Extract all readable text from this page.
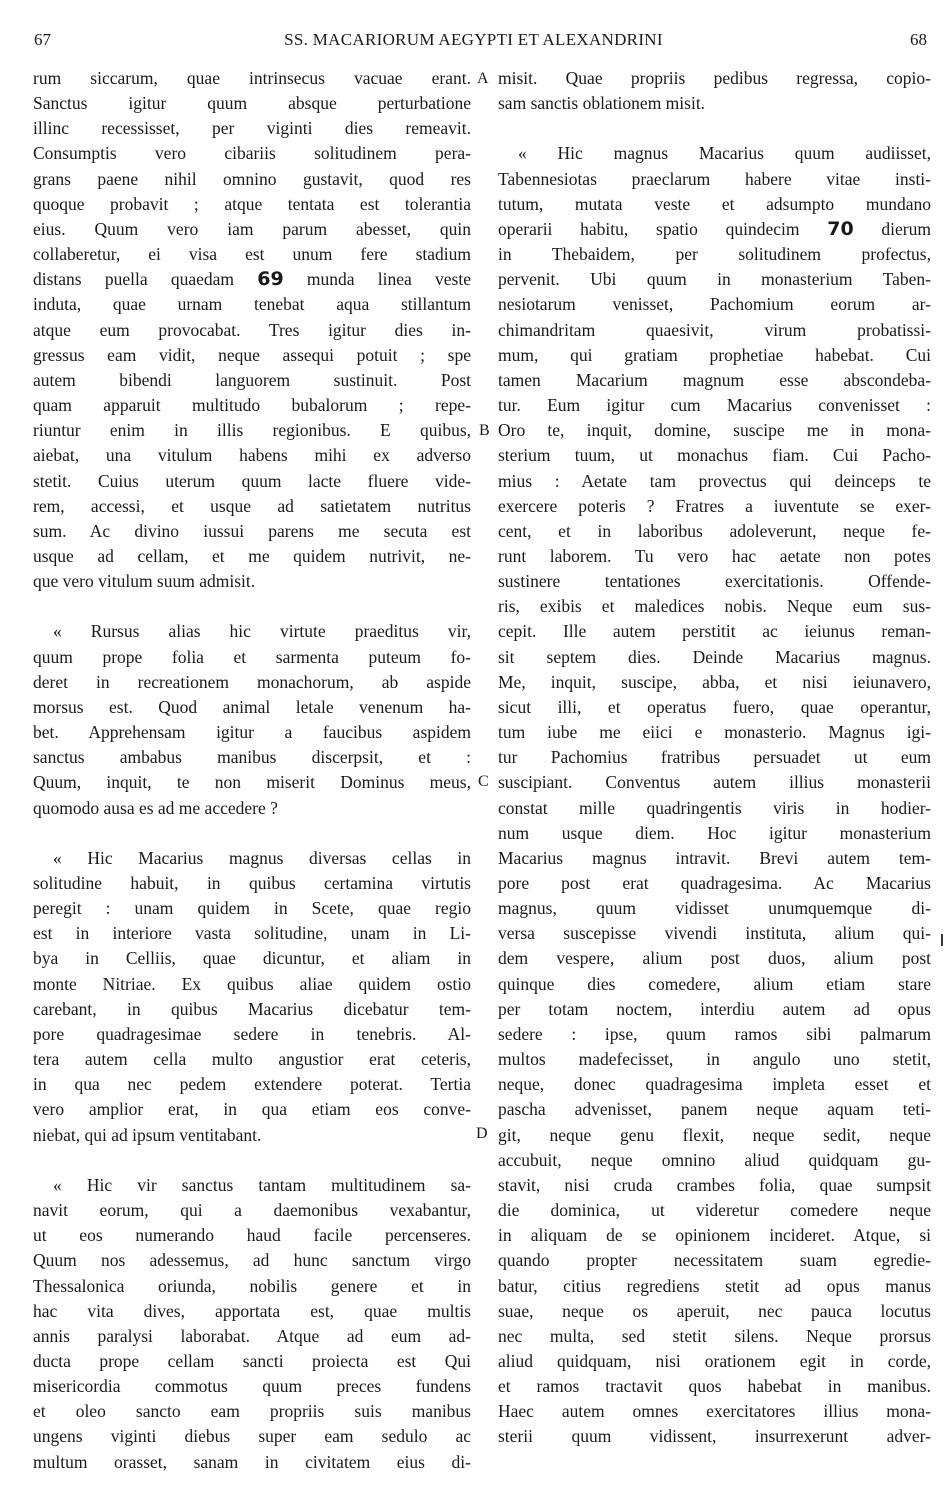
67	SS. MACARIORUM AEGYPTI ET ALEXANDRINI	68
rum siccarum, quae intrinsecus vacuae erant.
Sanctus igitur quum absque perturbatione
illinc recessisset, per viginti dies remeavit.
Consumptis vero cibariis solitudinem pera-
grans paene nihil omnino gustavit, quod res
quoque probavit ; atque tentata est tolerantia
eius. Quum vero iam parum abesset, quin
collaberetur, ei visa est unum fere stadium
distans puella quaedam 69 munda linea veste
induta, quae urnam tenebat aqua stillantum
atque eum provocabat. Tres igitur dies in-
gressus eam vidit, neque assequi potuit ; spe
autem bibendi languorem sustinuit. Post
quam apparuit multitudo bubalorum ; repe-
riuntur enim in illis regionibus. E quibus,
aiebat, una vitulum habens mihi ex adverso
stetit. Cuius uterum quum lacte fluere vide-
rem, accessi, et usque ad satietatem nutritus
sum. Ac divino iussui parens me secuta est
usque ad cellam, et me quidem nutrivit, ne-
que vero vitulum suum admisit.
« Rursus alias hic virtute praeditus vir,
quum prope folia et sarmenta puteum fo-
deret in recreationem monachorum, ab aspide
morsus est. Quod animal letale venenum ha-
bet. Apprehensam igitur a faucibus aspidem
sanctus ambabus manibus discerpsit, et :
Quum, inquit, te non miserit Dominus meus,
quomodo ausa es ad me accedere ?
« Hic Macarius magnus diversas cellas in
solitudine habuit, in quibus certamina virtutis
peregit : unam quidem in Scete, quae regio
est in interiore vasta solitudine, unam in Li-
bya in Celliis, quae dicuntur, et aliam in
monte Nitriae. Ex quibus aliae quidem ostio
carebant, in quibus Macarius dicebatur tem-
pore quadragesimae sedere in tenebris. Al-
tera autem cella multo angustior erat ceteris,
in qua nec pedem extendere poterat. Tertia
vero amplior erat, in qua etiam eos conve-
niebat, qui ad ipsum ventitabant.
« Hic vir sanctus tantam multitudinem sa-
navit eorum, qui a daemonibus vexabantur,
ut eos numerando haud facile percenseres.
Quum nos adessemus, ad hunc sanctum virgo
Thessalonica oriunda, nobilis genere et in
hac vita dives, apportata est, quae multis
annis paralysi laborabat. Atque ad eum ad-
ducta prope cellam sancti proiecta est Qui
misericordia commotus quum preces fundens
et oleo sancto eam propriis suis manibus
ungens viginti diebus super eam sedulo ac
multum orasset, sanam in civitatem eius di-
misit. Quae propriis pedibus regressa, copio-
sam sanctis oblationem misit.
« Hic magnus Macarius quum audiisset,
Tabennesiotas praeclarum habere vitae insti-
tutum, mutata veste et adsumpto mundano
operarii habitu, spatio quindecim 70 dierum
in Thebaidem, per solitudinem profectus,
pervenit. Ubi quum in monasterium Taben-
nesiotarum venisset, Pachomium eorum ar-
chimandritam quaesivit, virum probatissi-
mum, qui gratiam prophetiae habebat. Cui
tamen Macarium magnum esse abscondeba-
tur. Eum igitur cum Macarius convenisset :
Oro te, inquit, domine, suscipe me in mona-
sterium tuum, ut monachus fiam. Cui Pacho-
mius : Aetate tam provectus qui deinceps te
exercere poteris ? Fratres a iuventute se exer-
cent, et in laboribus adoleverunt, neque fe-
runt laborem. Tu vero hac aetate non potes
sustinere tentationes exercitationis. Offende-
ris, exibis et maledices nobis. Neque eum sus-
cepit. Ille autem perstitit ac ieiunus reman-
sit septem dies. Deinde Macarius magnus.
Me, inquit, suscipe, abba, et nisi ieiunavero,
sicut illi, et operatus fuero, quae operantur,
tum iube me eiici e monasterio. Magnus igi-
tur Pachomius fratribus persuadet ut eum
suscipiant. Conventus autem illius monasterii
constat mille quadringentis viris in hodier-
num usque diem. Hoc igitur monasterium
Macarius magnus intravit. Brevi autem tem-
pore post erat quadragesima. Ac Macarius
magnus, quum vidisset unumquemque di-
versa suscepisse vivendi instituta, alium qui-
dem vespere, alium post duos, alium post
quinque dies comedere, alium etiam stare
per totam noctem, interdiu autem ad opus
sedere : ipse, quum ramos sibi palmarum
multos madefecisset, in angulo uno stetit,
neque, donec quadragesima impleta esset et
pascha advenisset, panem neque aquam teti-
git, neque genu flexit, neque sedit, neque
accubuit, neque omnino aliud quidquam gu-
stavit, nisi cruda crambes folia, quae sumpsit
die dominica, ut videretur comedere neque
in aliquam de se opinionem incideret. Atque, si
quando propter necessitatem suam egredie-
batur, citius regrediens stetit ad opus manus
suae, neque os aperuit, nec pauca locutus
nec multa, sed stetit silens. Neque prorsus
aliud quidquam, nisi orationem egit in corde,
et ramos tractavit quos habebat in manibus.
Haec autem omnes exercitatores illius mona-
sterii quum vidissent, insurrexerunt adver-
A
B
C
D
